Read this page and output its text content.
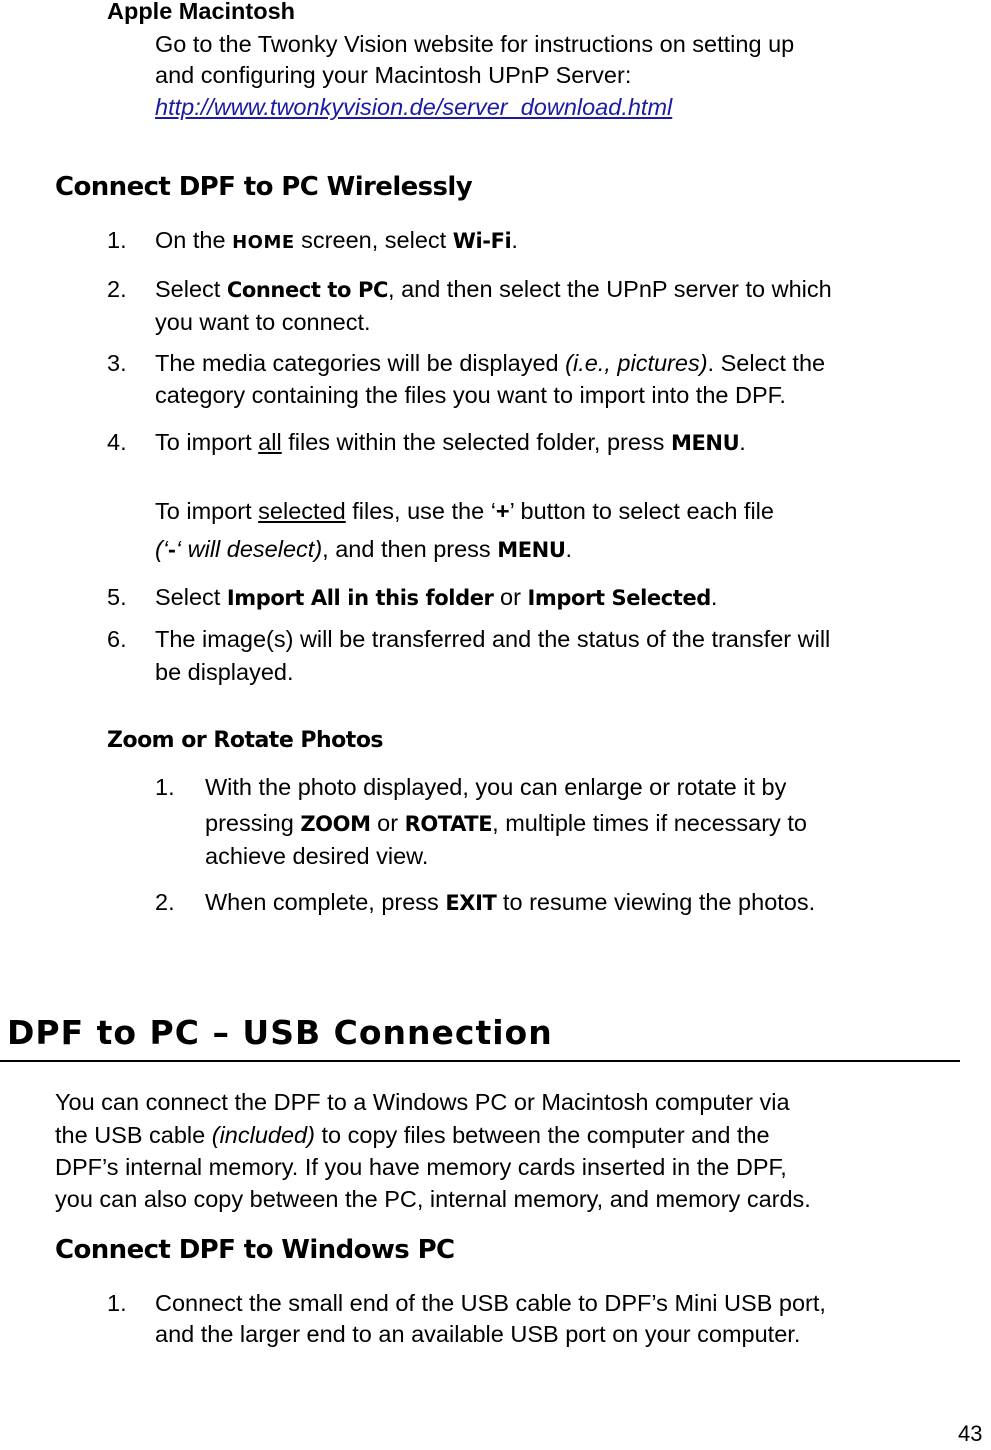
Apple Macintosh
Go to the Twonky Vision website for instructions on setting up
and configuring your Macintosh UPnP Server:
http://www.twonkyvision.de/server_download.html
Connect DPF to PC Wirelessly
1. On the HOME screen, select Wi-Fi.
2. Select Connect to PC, and then select the UPnP server to which
you want to connect.
3. The media categories will be displayed (i.e., pictures). Select the
category containing the files you want to import into the DPF.
4. To import all files within the selected folder, press MENU.
To import selected files, use the ‘+’ button to select each file
(‘-‘ will deselect), and then press MENU.
5. Select Import All in this folder or Import Selected.
6. The image(s) will be transferred and the status of the transfer will
be displayed.
Zoom or Rotate Photos
1. With the photo displayed, you can enlarge or rotate it by
pressing ZOOM or ROTATE, multiple times if necessary to
achieve desired view.
2. When complete, press EXIT to resume viewing the photos.
DPF to PC – USB Connection
You can connect the DPF to a Windows PC or Macintosh computer via
the USB cable (included) to copy files between the computer and the
DPF’s internal memory. If you have memory cards inserted in the DPF,
you can also copy between the PC, internal memory, and memory cards.
Connect DPF to Windows PC
1. Connect the small end of the USB cable to DPF’s Mini USB port,
and the larger end to an available USB port on your computer.
43
